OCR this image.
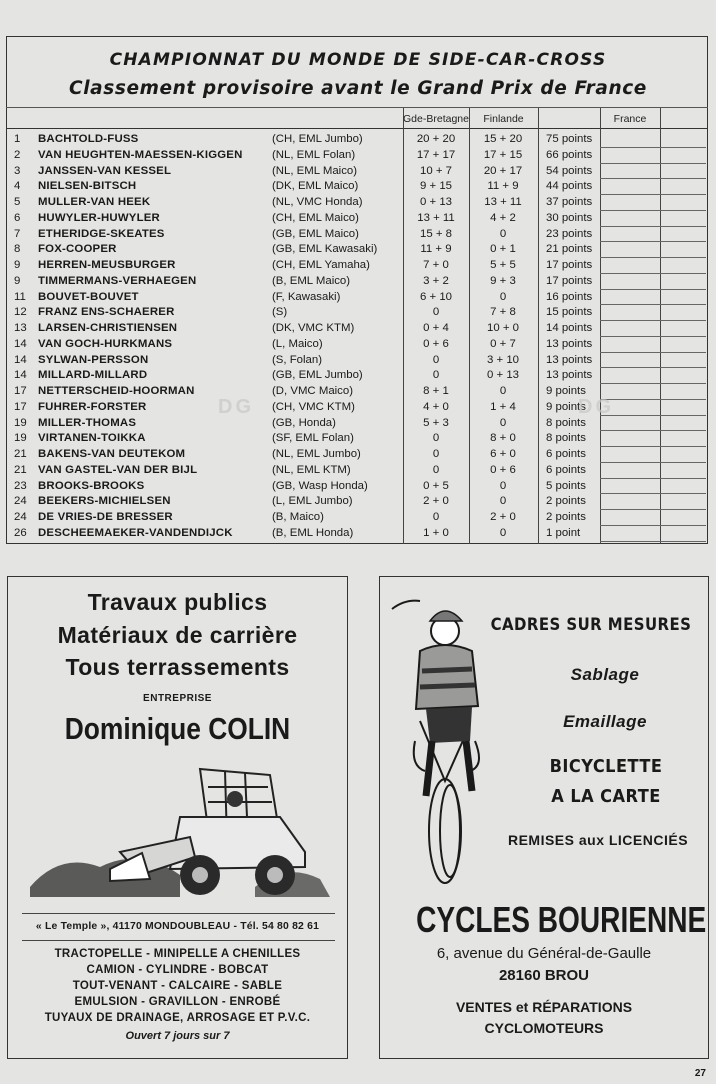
CHAMPIONNAT DU MONDE DE SIDE-CAR-CROSS
Classement provisoire avant le Grand Prix de France
Gde-Bretagne	Finlande	France
1	BACHTOLD-FUSS	(CH, EML Jumbo)	20 + 20	15 + 20	75 points
2	VAN HEUGHTEN-MAESSEN-KIGGEN	(NL, EML Folan)	17 + 17	17 + 15	66 points
3	JANSSEN-VAN KESSEL	(NL, EML Maico)	10 + 7	20 + 17	54 points
4	NIELSEN-BITSCH	(DK, EML Maico)	9 + 15	11 + 9	44 points
5	MULLER-VAN HEEK	(NL, VMC Honda)	0 + 13	13 + 11	37 points
6	HUWYLER-HUWYLER	(CH, EML Maico)	13 + 11	4 + 2	30 points
7	ETHERIDGE-SKEATES	(GB, EML Maico)	15 + 8	0	23 points
8	FOX-COOPER	(GB, EML Kawasaki)	11 + 9	0 + 1	21 points
9	HERREN-MEUSBURGER	(CH, EML Yamaha)	7 + 0	5 + 5	17 points
9	TIMMERMANS-VERHAEGEN	(B, EML Maico)	3 + 2	9 + 3	17 points
11	BOUVET-BOUVET	(F, Kawasaki)	6 + 10	0	16 points
12 FRANZ ENS-SCHAERER	(S)	0	7 + 8	15 points
13 LARSEN-CHRISTIENSEN	(DK, VMC KTM)	0 + 4	10 + 0	14 points
14 VAN GOCH-HURKMANS	(L, Maico)	0 + 6	0 + 7	13 points
14 SYLWAN-PERSSON	(S, Folan)	0	3 + 10	13 points
14 MILLARD-MILLARD	(GB, EML Jumbo)	0	0 + 13	13 points
17 NETTERSCHEID-HOORMAN	(D, VMC Maico)	8 + 1	0	9 points
17 FUHRER-FORSTER	(CH, VMC KTM)	4 + 0	1 + 4	9 points
19 MILLER-THOMAS	(GB, Honda)	5 + 3	0	8 points
19 VIRTANEN-TOIKKA	(SF, EML Folan)	0	8 + 0	8 points
21 BAKENS-VAN DEUTEKOM	(NL, EML Jumbo)	0	6 + 0	6 points
21 VAN GASTEL-VAN DER BIJL	(NL, EML KTM)	0	0 + 6	6 points
23 BROOKS-BROOKS	(GB, Wasp Honda)	0 + 5	0	5 points
24 BEEKERS-MICHIELSEN	(L, EML Jumbo)	2 + 0	0	2 points
24 DE VRIES-DE BRESSER	(B, Maico)	0	2 + 0	2 points
26 DESCHEEMAEKER-VANDENDIJCK	(B, EML Honda)	1 + 0	0	1 point
DG	DG
Travaux publics
Matériaux de carrière
Tous terrassements
ENTREPRISE
Dominique COLIN
« Le Temple », 41170 MONDOUBLEAU - Tél. 54 80 82 61
TRACTOPELLE - MINIPELLE A CHENILLES
CAMION - CYLINDRE - BOBCAT
TOUT-VENANT - CALCAIRE - SABLE
EMULSION - GRAVILLON - ENROBÉ
TUYAUX DE DRAINAGE, ARROSAGE ET P.V.C.
Ouvert 7 jours sur 7
CADRES SUR MESURES
Sablage
Emaillage
BICYCLETTE
A LA CARTE
REMISES aux LICENCIÉS
CYCLES BOURIENNE
6, avenue du Général-de-Gaulle
28160 BROU
VENTES et RÉPARATIONS
CYCLOMOTEURS
27
